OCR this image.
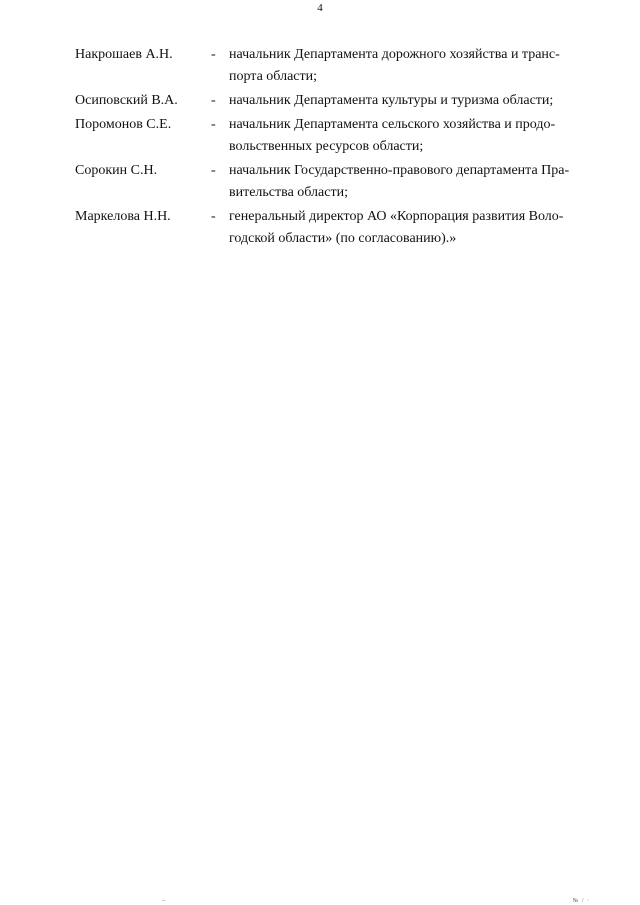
4
Накрошаев А.Н.	- начальник Департамента дорожного хозяйства и транс-
порта области;
Осиповский В.А.	- начальник Департамента культуры и туризма области;
Поромонов С.Е.	- начальник Департамента сельского хозяйства и продо-
вольственных ресурсов области;
Сорокин С.Н.	- начальник Государственно-правового департамента Пра-
вительства области;
Маркелова Н.Н.	- генеральный директор АО «Корпорация развития Воло-
годской области» (по согласованию).»
–	№ / ·
